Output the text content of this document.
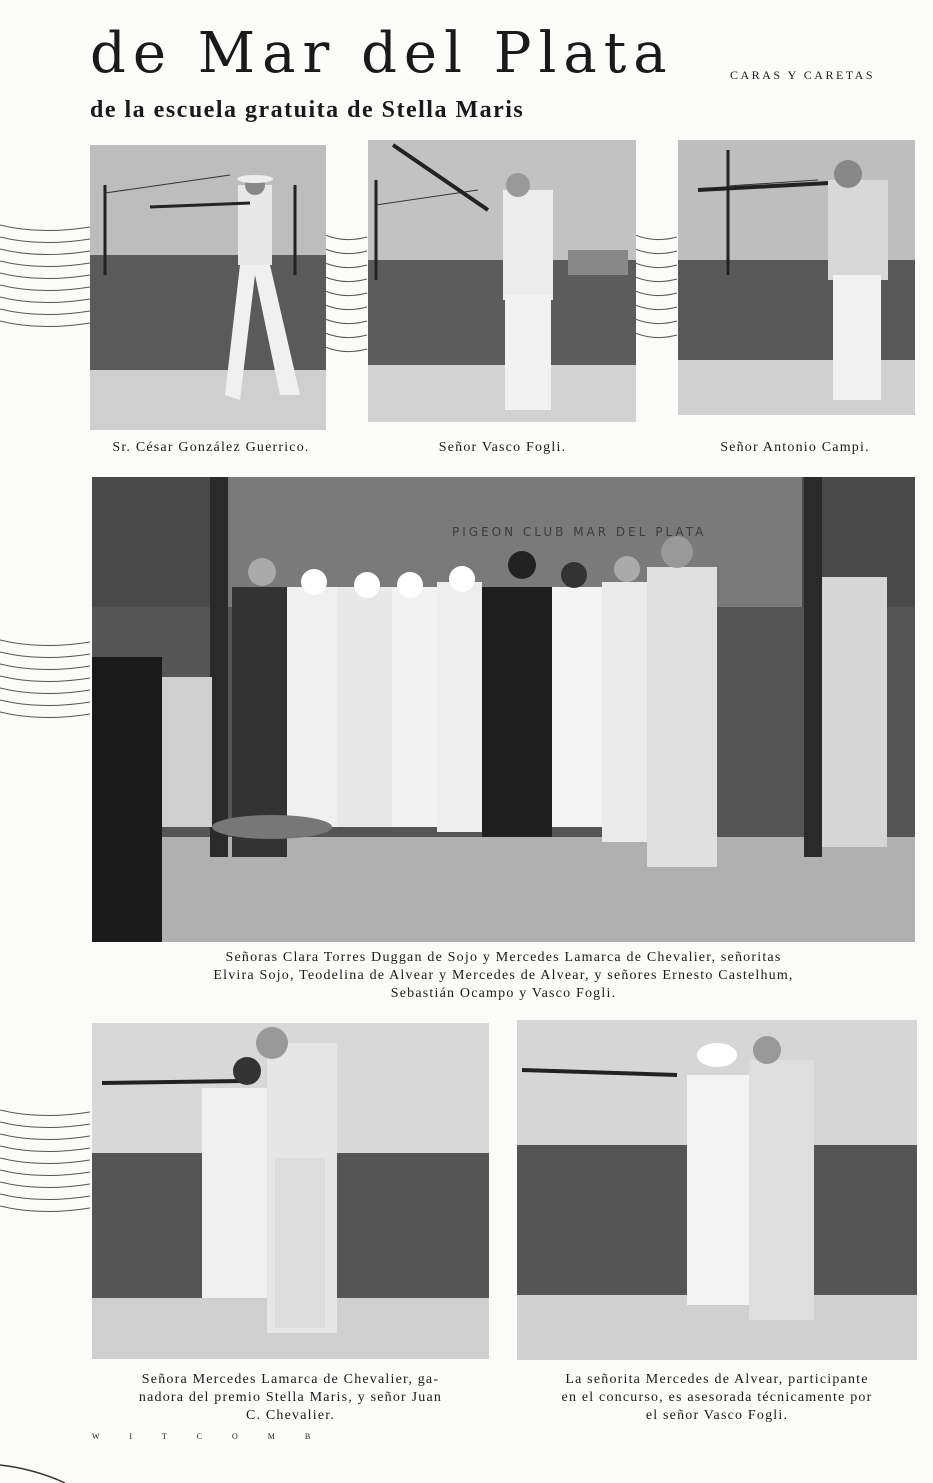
de Mar del Plata
de la escuela gratuita de Stella Maris
CARAS Y CARETAS
Sr. César González Guerrico.	Señor Vasco Fogli.	Señor Antonio Campi.
PIGEON CLUB MAR DEL PLATA
Señoras Clara Torres Duggan de Sojo y Mercedes Lamarca de Chevalier, señoritas
Elvira Sojo, Teodelina de Alvear y Mercedes de Alvear, y señores Ernesto Castelhum,
Sebastián Ocampo y Vasco Fogli.
Señora Mercedes Lamarca de Chevalier, ga-
nadora del premio Stella Maris, y señor Juan
C. Chevalier.
La señorita Mercedes de Alvear, participante
en el concurso, es asesorada técnicamente por
el señor Vasco Fogli.
W I T C O M B
